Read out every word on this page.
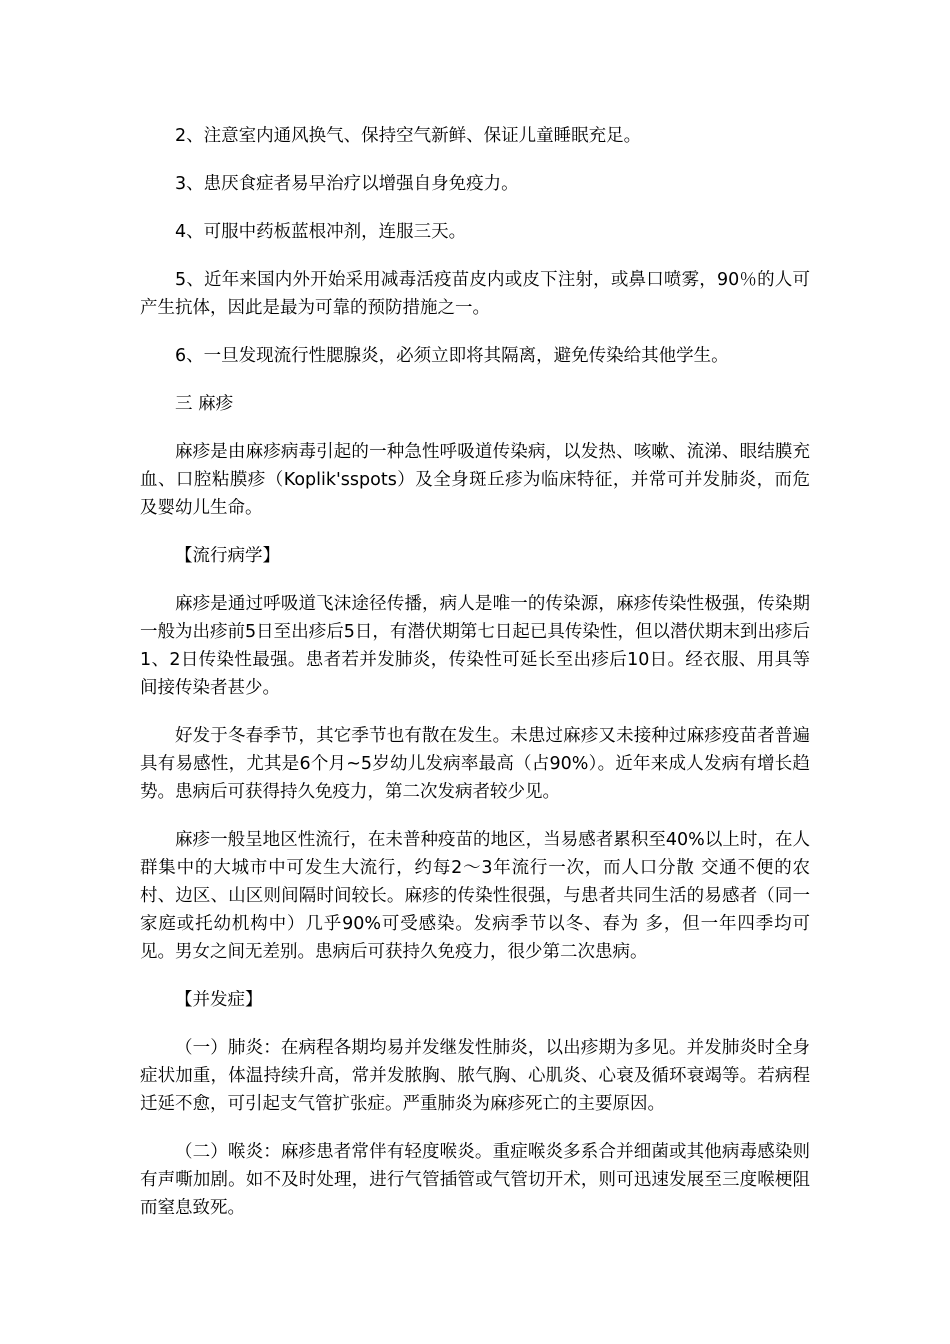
2、注意室内通风换气、保持空气新鲜、保证儿童睡眠充足。

3、患厌食症者易早治疗以增强自身免疫力。

4、可服中药板蓝根冲剂，连服三天。

5、近年来国内外开始采用减毒活疫苗皮内或皮下注射，或鼻口喷雾，90％的人可产生抗体，因此是最为可靠的预防措施之一。

6、一旦发现流行性腮腺炎，必须立即将其隔离，避免传染给其他学生。

三 麻疹

麻疹是由麻疹病毒引起的一种急性呼吸道传染病，以发热、咳嗽、流涕、眼结膜充血、口腔粘膜疹（Koplik'sspots）及全身斑丘疹为临床特征，并常可并发肺炎，而危及婴幼儿生命。

【流行病学】

麻疹是通过呼吸道飞沫途径传播，病人是唯一的传染源，麻疹传染性极强，传染期一般为出疹前5日至出疹后5日，有潜伏期第七日起已具传染性，但以潜伏期末到出疹后1、2日传染性最强。患者若并发肺炎，传染性可延长至出疹后10日。经衣服、用具等间接传染者甚少。

好发于冬春季节，其它季节也有散在发生。未患过麻疹又未接种过麻疹疫苗者普遍具有易感性，尤其是6个月~5岁幼儿发病率最高（占90%）。近年来成人发病有增长趋势。患病后可获得持久免疫力，第二次发病者较少见。

麻疹一般呈地区性流行，在未普种疫苗的地区，当易感者累积至40%以上时，在人群集中的大城市中可发生大流行，约每2～3年流行一次，而人口分散 交通不便的农村、边区、山区则间隔时间较长。麻疹的传染性很强，与患者共同生活的易感者（同一家庭或托幼机构中）几乎90%可受感染。发病季节以冬、春为 多，但一年四季均可见。男女之间无差别。患病后可获持久免疫力，很少第二次患病。

【并发症】

（一）肺炎：在病程各期均易并发继发性肺炎，以出疹期为多见。并发肺炎时全身症状加重，体温持续升高，常并发脓胸、脓气胸、心肌炎、心衰及循环衰竭等。若病程迁延不愈，可引起支气管扩张症。严重肺炎为麻疹死亡的主要原因。

（二）喉炎：麻疹患者常伴有轻度喉炎。重症喉炎多系合并细菌或其他病毒感染则有声嘶加剧。如不及时处理，进行气管插管或气管切开术，则可迅速发展至三度喉梗阻而窒息致死。
